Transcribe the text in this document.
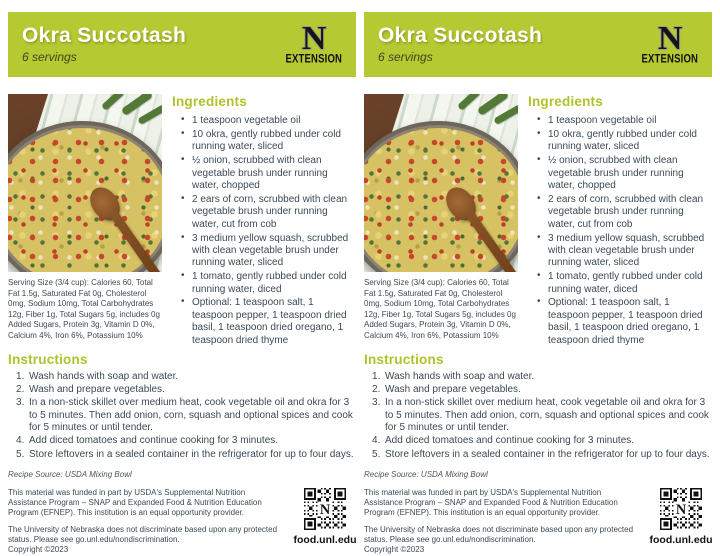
Okra Succotash
6 servings	N
EXTENSION
Serving Size (3/4 cup): Calories 60, Total Fat 1.5g, Saturated Fat 0g, Cholesterol 0mg, Sodium 10mg, Total Carbohydrates 12g, Fiber 1g, Total Sugars 5g, includes 0g Added Sugars, Protein 3g, Vitamin D 0%, Calcium 4%, Iron 6%, Potassium 10%
Ingredients
• 1 teaspoon vegetable oil
• 10 okra, gently rubbed under cold running water, sliced
• ½ onion, scrubbed with clean vegetable brush under running water, chopped
• 2 ears of corn, scrubbed with clean vegetable brush under running water, cut from cob
• 3 medium yellow squash, scrubbed with clean vegetable brush under running water, sliced
• 1 tomato, gently rubbed under cold running water, diced
• Optional: 1 teaspoon salt, 1 teaspoon pepper, 1 teaspoon dried basil, 1 teaspoon dried oregano, 1 teaspoon dried thyme
Instructions
Wash hands with soap and water.
Wash and prepare vegetables.
In a non-stick skillet over medium heat, cook vegetable oil and okra for 3 to 5 minutes. Then add onion, corn, squash and optional spices and cook for 5 minutes or until tender.
Add diced tomatoes and continue cooking for 3 minutes.
Store leftovers in a sealed container in the refrigerator for up to four days.
Recipe Source: USDA Mixing Bowl
This material was funded in part by USDA's Supplemental Nutrition Assistance Program – SNAP and Expanded Food & Nutrition Education Program (EFNEP). This institution is an equal opportunity provider.
The University of Nebraska does not discriminate based upon any protected status. Please see go.unl.edu/nondiscrimination.
Copyright ©2023
N
food.unl.edu
Okra Succotash
6 servings	N
EXTENSION
Serving Size (3/4 cup): Calories 60, Total Fat 1.5g, Saturated Fat 0g, Cholesterol 0mg, Sodium 10mg, Total Carbohydrates 12g, Fiber 1g, Total Sugars 5g, includes 0g Added Sugars, Protein 3g, Vitamin D 0%, Calcium 4%, Iron 6%, Potassium 10%
Ingredients
• 1 teaspoon vegetable oil
• 10 okra, gently rubbed under cold running water, sliced
• ½ onion, scrubbed with clean vegetable brush under running water, chopped
• 2 ears of corn, scrubbed with clean vegetable brush under running water, cut from cob
• 3 medium yellow squash, scrubbed with clean vegetable brush under running water, sliced
• 1 tomato, gently rubbed under cold running water, diced
• Optional: 1 teaspoon salt, 1 teaspoon pepper, 1 teaspoon dried basil, 1 teaspoon dried oregano, 1 teaspoon dried thyme
Instructions
Wash hands with soap and water.
Wash and prepare vegetables.
In a non-stick skillet over medium heat, cook vegetable oil and okra for 3 to 5 minutes. Then add onion, corn, squash and optional spices and cook for 5 minutes or until tender.
Add diced tomatoes and continue cooking for 3 minutes.
Store leftovers in a sealed container in the refrigerator for up to four days.
Recipe Source: USDA Mixing Bowl
This material was funded in part by USDA's Supplemental Nutrition Assistance Program – SNAP and Expanded Food & Nutrition Education Program (EFNEP). This institution is an equal opportunity provider.
The University of Nebraska does not discriminate based upon any protected status. Please see go.unl.edu/nondiscrimination.
Copyright ©2023
N
food.unl.edu
